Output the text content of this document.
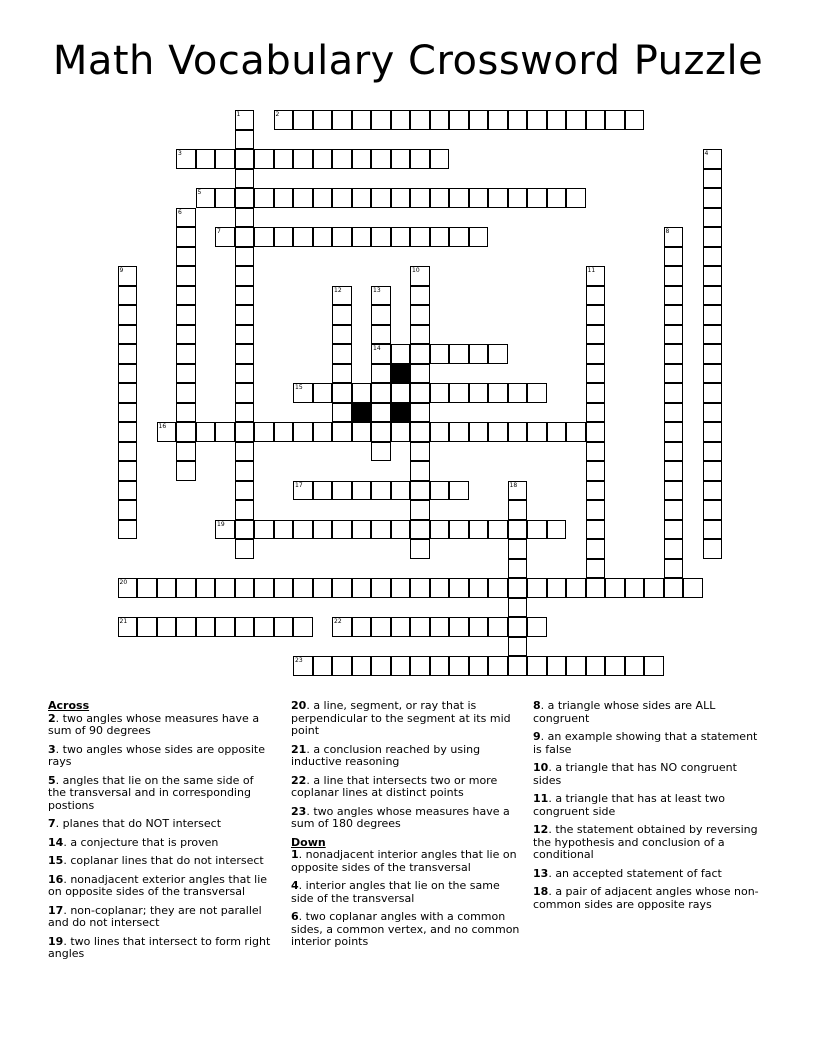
Math Vocabulary Crossword Puzzle
1	2
3	4
5
6
7	8
9	10	11
12	13
14
15
16
17	18
19
20
21	22
23
Across
2. two angles whose measures have a sum of 90 degrees
3. two angles whose sides are opposite rays
5. angles that lie on the same side of the transversal and in corresponding postions
7. planes that do NOT intersect
14. a conjecture that is proven
15. coplanar lines that do not intersect
16. nonadjacent exterior angles that lie on opposite sides of the transversal
17. non-coplanar; they are not parallel and do not intersect
19. two lines that intersect to form right angles
20. a line, segment, or ray that is perpendicular to the segment at its mid point
21. a conclusion reached by using inductive reasoning
22. a line that intersects two or more coplanar lines at distinct points
23. two angles whose measures have a sum of 180 degrees
Down
1. nonadjacent interior angles that lie on opposite sides of the transversal
4. interior angles that lie on the same side of the transversal
6. two coplanar angles with a common sides, a common vertex, and no common interior points
8. a triangle whose sides are ALL congruent
9. an example showing that a statement is false
10. a triangle that has NO congruent sides
11. a triangle that has at least two congruent side
12. the statement obtained by reversing the hypothesis and conclusion of a conditional
13. an accepted statement of fact
18. a pair of adjacent angles whose non-common sides are opposite rays
